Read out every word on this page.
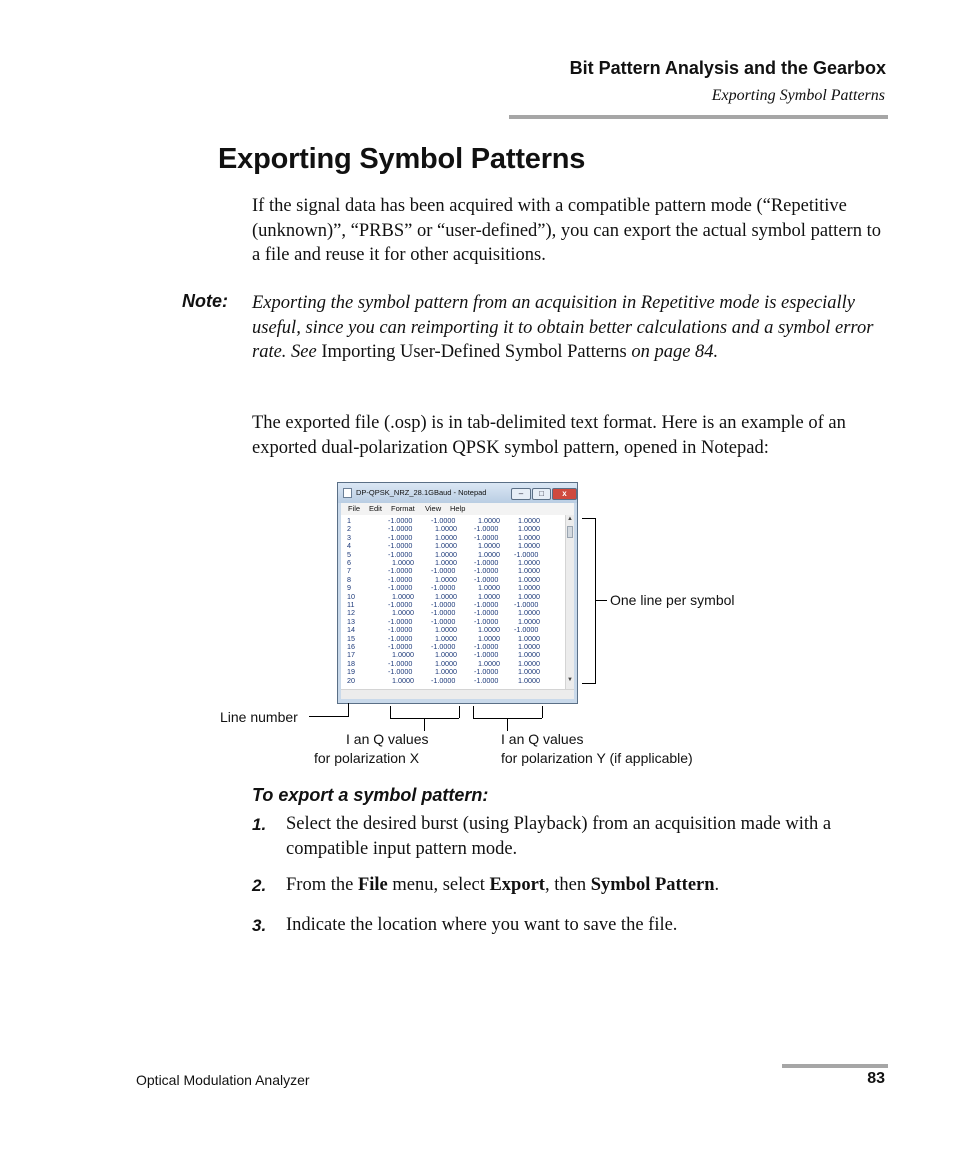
Bit Pattern Analysis and the Gearbox
Exporting Symbol Patterns
Exporting Symbol Patterns
If the signal data has been acquired with a compatible pattern mode (“Repetitive (unknown)”, “PRBS” or “user-defined”), you can export the actual symbol pattern to a file and reuse it for other acquisitions.
Note: Exporting the symbol pattern from an acquisition in Repetitive mode is especially useful, since you can reimporting it to obtain better calculations and a symbol error rate. See Importing User-Defined Symbol Patterns on page 84.
The exported file (.osp) is in tab-delimited text format. Here is an example of an exported dual-polarization QPSK symbol pattern, opened in Notepad:
DP-QPSK_NRZ_28.1GBaud - Notepad	–	□	x
File Edit Format View Help
1	-1.0000	-1.0000	1.0000	1.0000
2	-1.0000	1.0000 -1.0000	1.0000
3	-1.0000	1.0000 -1.0000	1.0000
4	-1.0000	1.0000	1.0000	1.0000
5	-1.0000	1.0000	1.0000 -1.0000
6	1.0000	1.0000 -1.0000	1.0000
7	-1.0000	-1.0000	-1.0000	1.0000
8	-1.0000	1.0000 -1.0000	1.0000
9	-1.0000	-1.0000	1.0000	1.0000
10	1.0000	1.0000	1.0000	1.0000
11	-1.0000	-1.0000	-1.0000 -1.0000
12	1.0000 -1.0000	-1.0000	1.0000
13	-1.0000	-1.0000	-1.0000	1.0000
14	-1.0000	1.0000	1.0000 -1.0000
15	-1.0000	1.0000	1.0000	1.0000
16	-1.0000	-1.0000	-1.0000	1.0000
17	1.0000	1.0000 -1.0000	1.0000
18	-1.0000	1.0000	1.0000	1.0000
19	-1.0000	1.0000 -1.0000	1.0000
20	1.0000 -1.0000	-1.0000	1.0000
▲
▼
One line per symbol
Line number
I an Q values
for polarization X
I an Q values
for polarization Y (if applicable)
To export a symbol pattern:
1. Select the desired burst (using Playback) from an acquisition made with a compatible input pattern mode.
2. From the File menu, select Export, then Symbol Pattern.
3. Indicate the location where you want to save the file.
Optical Modulation Analyzer	83
